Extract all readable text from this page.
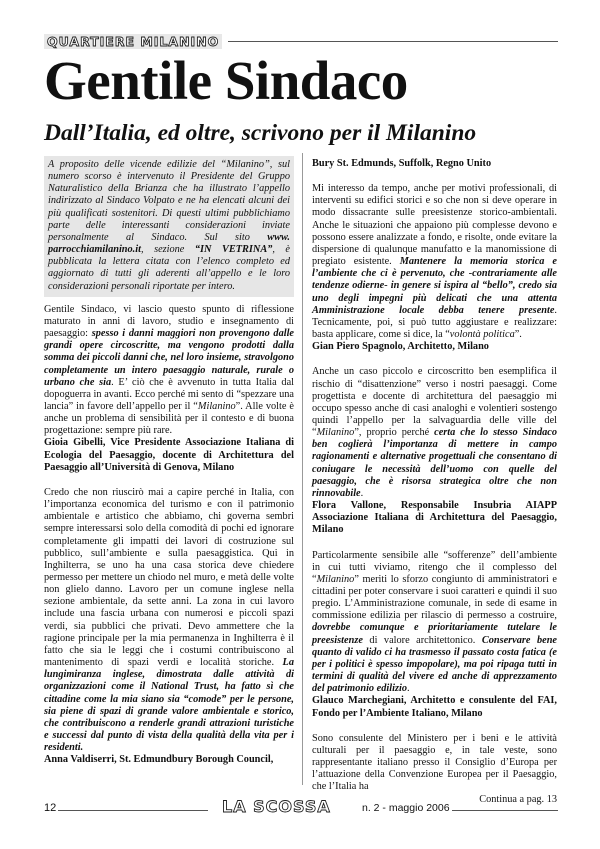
QUARTIERE MILANINO
Gentile Sindaco
Dall’Italia, ed oltre, scrivono per il Milanino
A proposito delle vicende edilizie del “Milanino”, sul numero scorso è intervenuto il Presidente del Gruppo Naturalistico della Brianza che ha illustrato l’appello indirizzato al Sindaco Volpato e ne ha elencati alcuni dei più qualificati sostenitori. Di questi ultimi pubblichiamo parte delle interessanti considerazioni inviate personalmente al Sindaco. Sul sito www. parrocchiamilanino.it, sezione “IN VETRINA”, è pubblicata la lettera citata con l’elenco completo ed aggiornato di tutti gli aderenti all’appello e le loro considerazioni personali riportate per intero.

Gentile Sindaco, vi lascio questo spunto di riflessione maturato in anni di lavoro, studio e insegnamento di paesaggio: spesso i danni maggiori non provengono dalle grandi opere circoscritte, ma vengono prodotti dalla somma dei piccoli danni che, nel loro insieme, stravolgono completamente un intero paesaggio naturale, rurale o urbano che sia. E’ ciò che è avvenuto in tutta Italia dal dopoguerra in avanti. Ecco perché mi sento di “spezzare una lancia” in favore dell’appello per il “Milanino”. Alle volte è anche un problema di sensibilità per il contesto e di buona progettazione: sempre più rare.

Gioia Gibelli, Vice Presidente Associazione Italiana di Ecologia del Paesaggio, docente di Architettura del Paesaggio all’Università di Genova, Milano

Credo che non riuscirò mai a capire perché in Italia, con l’importanza economica del turismo e con il patrimonio ambientale e artistico che abbiamo, chi governa sembri sempre interessarsi solo della comodità di pochi ed ignorare completamente gli impatti dei lavori di costruzione sul pubblico, sull’ambiente e sulla paesaggistica. Qui in Inghilterra, se uno ha una casa storica deve chiedere permesso per mettere un chiodo nel muro, e metà delle volte non glielo danno. Lavoro per un comune inglese nella sezione ambientale, da sette anni. La zona in cui lavoro include una fascia urbana con numerosi e piccoli spazi verdi, sia pubblici che privati. Devo ammettere che la ragione principale per la mia permanenza in Inghilterra è il fatto che sia le leggi che i costumi contribuiscono al mantenimento di spazi verdi e località storiche. La lungimiranza inglese, dimostrata dalle attività di organizzazioni come il National Trust, ha fatto sì che cittadine come la mia siano sia “comode” per le persone, sia piene di spazi di grande valore ambientale e storico, che contribuiscono a renderle grandi attrazioni turistiche e successi dal punto di vista della qualità della vita per i residenti.

Anna Valdiserri, St. Edmundbury Borough Council,

Bury St. Edmunds, Suffolk, Regno Unito

Mi interesso da tempo, anche per motivi professionali, di interventi su edifici storici e so che non si deve operare in modo dissacrante sulle preesistenze storico-ambientali. Anche le situazioni che appaiono più complesse devono e possono essere analizzate a fondo, e risolte, onde evitare la dispersione di qualunque manufatto e la manomissione di pregiato esistente. Mantenere la memoria storica e l’ambiente che ci è pervenuto, che -contrariamente alle tendenze odierne- in genere si ispira al “bello”, credo sia uno degli impegni più delicati che una attenta Amministrazione locale debba tenere presente. Tecnicamente, poi, si può tutto aggiustare e realizzare: basta applicare, come si dice, la “volontà politica”.

Gian Piero Spagnolo, Architetto, Milano

Anche un caso piccolo e circoscritto ben esemplifica il rischio di “disattenzione” verso i nostri paesaggi. Come progettista e docente di architettura del paesaggio mi occupo spesso anche di casi analoghi e volentieri sostengo quindi l’appello per la salvaguardia delle ville del “Milanino”, proprio perché certa che lo stesso Sindaco ben coglierà l’importanza di mettere in campo ragionamenti e alternative progettuali che consentano di coniugare le necessità dell’uomo con quelle del paesaggio, che è risorsa strategica oltre che non rinnovabile.

Flora Vallone, Responsabile Insubria AIAPP Associazione Italiana di Architettura del Paesaggio, Milano

Particolarmente sensibile alle “sofferenze” dell’ambiente in cui tutti viviamo, ritengo che il complesso del “Milanino” meriti lo sforzo congiunto di amministratori e cittadini per poter conservare i suoi caratteri e quindi il suo pregio. L’Amministrazione comunale, in sede di esame in commissione edilizia per rilascio di permesso a costruire, dovrebbe comunque e prioritariamente tutelare le preesistenze di valore architettonico. Conservare bene quanto di valido ci ha trasmesso il passato costa fatica (e per i politici è spesso impopolare), ma poi ripaga tutti in termini di qualità del vivere ed anche di apprezzamento del patrimonio edilizio.

Glauco Marchegiani, Architetto e consulente del FAI, Fondo per l’Ambiente Italiano, Milano

Sono consulente del Ministero per i beni e le attività culturali per il paesaggio e, in tale veste, sono rappresentante italiano presso il Consiglio d’Europa per l’attuazione della Convenzione Europea per il Paesaggio, che l’Italia ha

Continua a pag. 13

12	LA SCOSSA	n. 2 - maggio 2006
